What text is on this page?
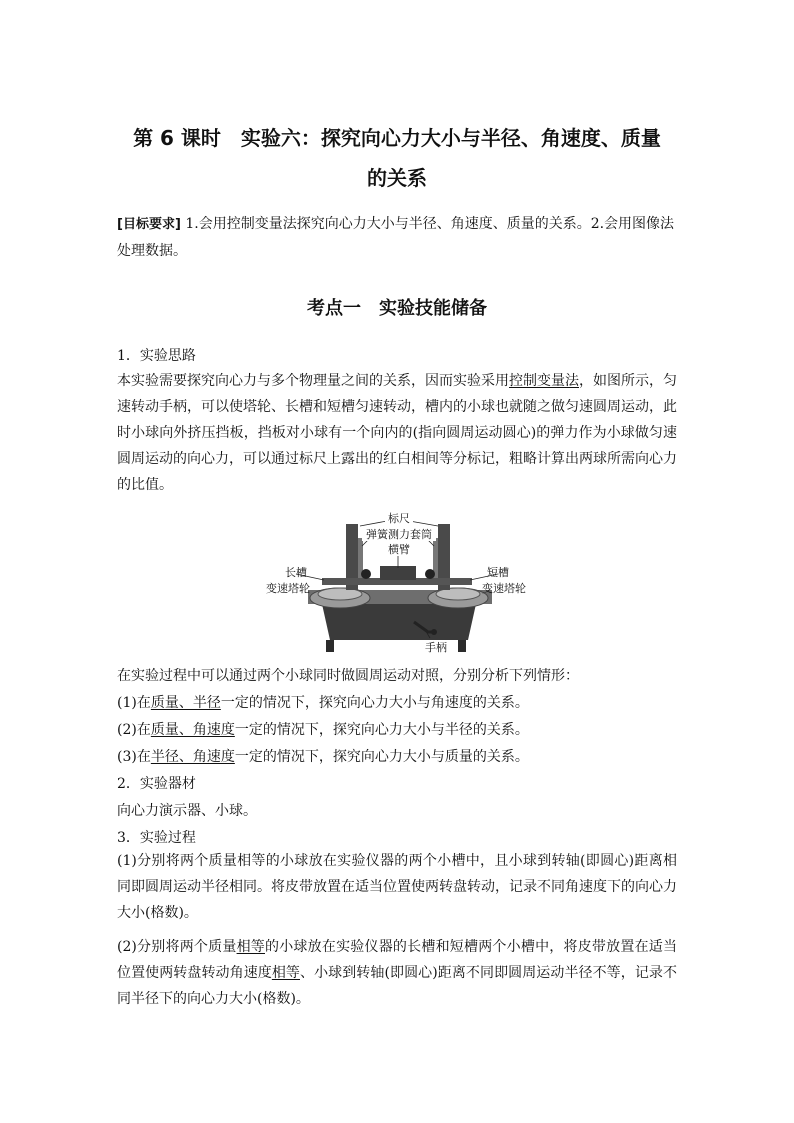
第 6 课时　实验六：探究向心力大小与半径、角速度、质量
的关系
[目标要求] 1.会用控制变量法探究向心力大小与半径、角速度、质量的关系。2.会用图像法
处理数据。
考点一　实验技能储备
1．实验思路
本实验需要探究向心力与多个物理量之间的关系，因而实验采用控制变量法，如图所示，匀速转动手柄，可以使塔轮、长槽和短槽匀速转动，槽内的小球也就随之做匀速圆周运动，此时小球向外挤压挡板，挡板对小球有一个向内的(指向圆周运动圆心)的弹力作为小球做匀速圆周运动的向心力，可以通过标尺上露出的红白相间等分标记，粗略计算出两球所需向心力的比值。
标尺
弹簧测力套筒
横臂
长槽	短槽
变速塔轮	变速塔轮
手柄
在实验过程中可以通过两个小球同时做圆周运动对照，分别分析下列情形：
(1)在质量、半径一定的情况下，探究向心力大小与角速度的关系。
(2)在质量、角速度一定的情况下，探究向心力大小与半径的关系。
(3)在半径、角速度一定的情况下，探究向心力大小与质量的关系。
2．实验器材
向心力演示器、小球。
3．实验过程
(1)分别将两个质量相等的小球放在实验仪器的两个小槽中，且小球到转轴(即圆心)距离相同即圆周运动半径相同。将皮带放置在适当位置使两转盘转动，记录不同角速度下的向心力大小(格数)。
(2)分别将两个质量相等的小球放在实验仪器的长槽和短槽两个小槽中，将皮带放置在适当位置使两转盘转动角速度相等、小球到转轴(即圆心)距离不同即圆周运动半径不等，记录不同半径下的向心力大小(格数)。
